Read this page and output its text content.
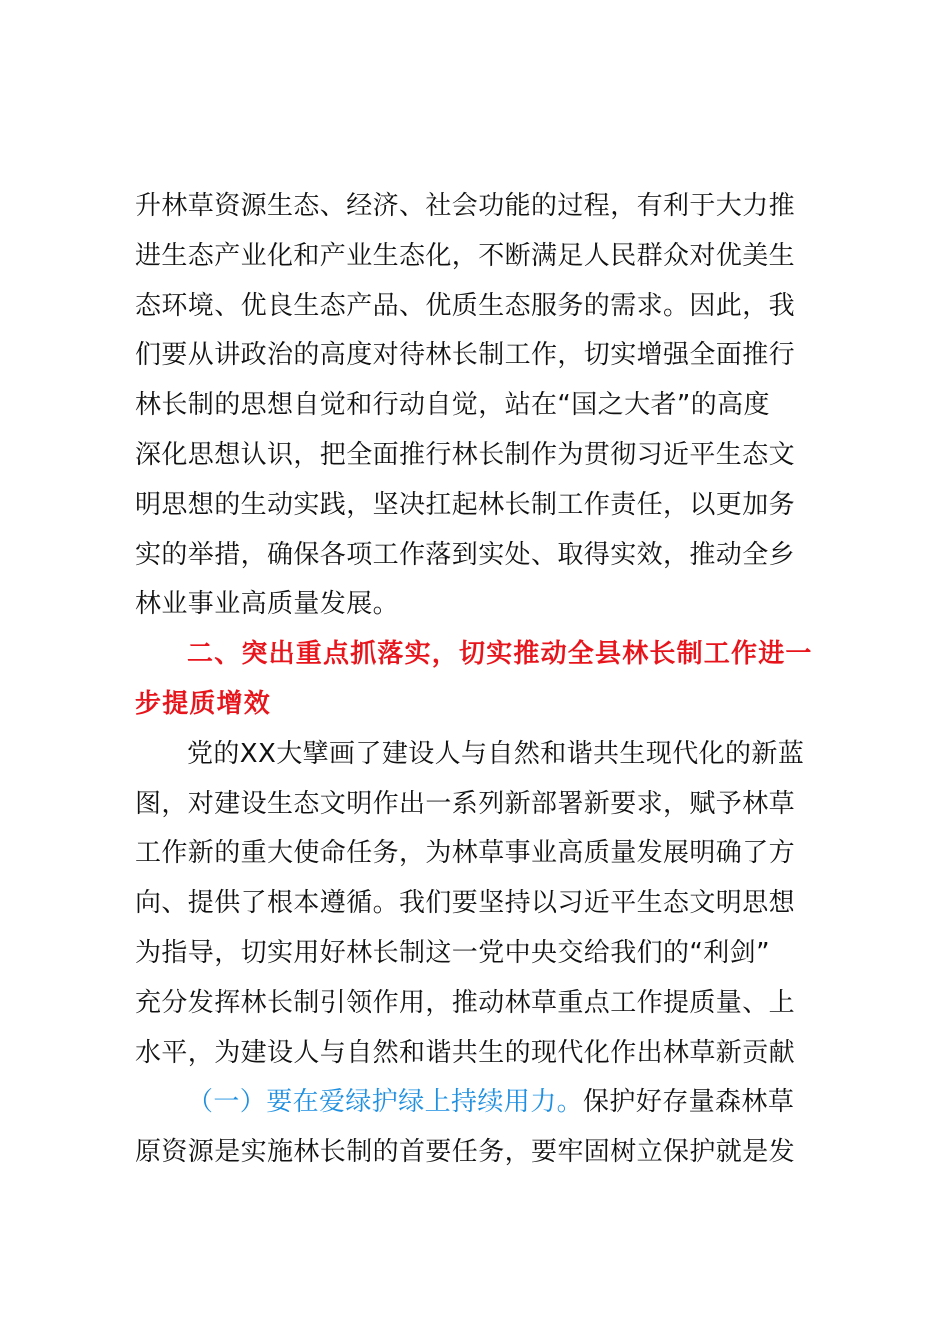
升林草资源生态、经济、社会功能的过程，有利于大力推
进生态产业化和产业生态化，不断满足人民群众对优美生
态环境、优良生态产品、优质生态服务的需求。因此，我
们要从讲政治的高度对待林长制工作，切实增强全面推行
林长制的思想自觉和行动自觉，站在“国之大者”的高度
深化思想认识，把全面推行林长制作为贯彻习近平生态文
明思想的生动实践，坚决扛起林长制工作责任，以更加务
实的举措，确保各项工作落到实处、取得实效，推动全乡
林业事业高质量发展。
二、突出重点抓落实，切实推动全县林长制工作进一
步提质增效
党的XX大擘画了建设人与自然和谐共生现代化的新蓝
图，对建设生态文明作出一系列新部署新要求，赋予林草
工作新的重大使命任务，为林草事业高质量发展明确了方
向、提供了根本遵循。我们要坚持以习近平生态文明思想
为指导，切实用好林长制这一党中央交给我们的“利剑”
充分发挥林长制引领作用，推动林草重点工作提质量、上
水平，为建设人与自然和谐共生的现代化作出林草新贡献
（一）要在爱绿护绿上持续用力。保护好存量森林草
原资源是实施林长制的首要任务，要牢固树立保护就是发
